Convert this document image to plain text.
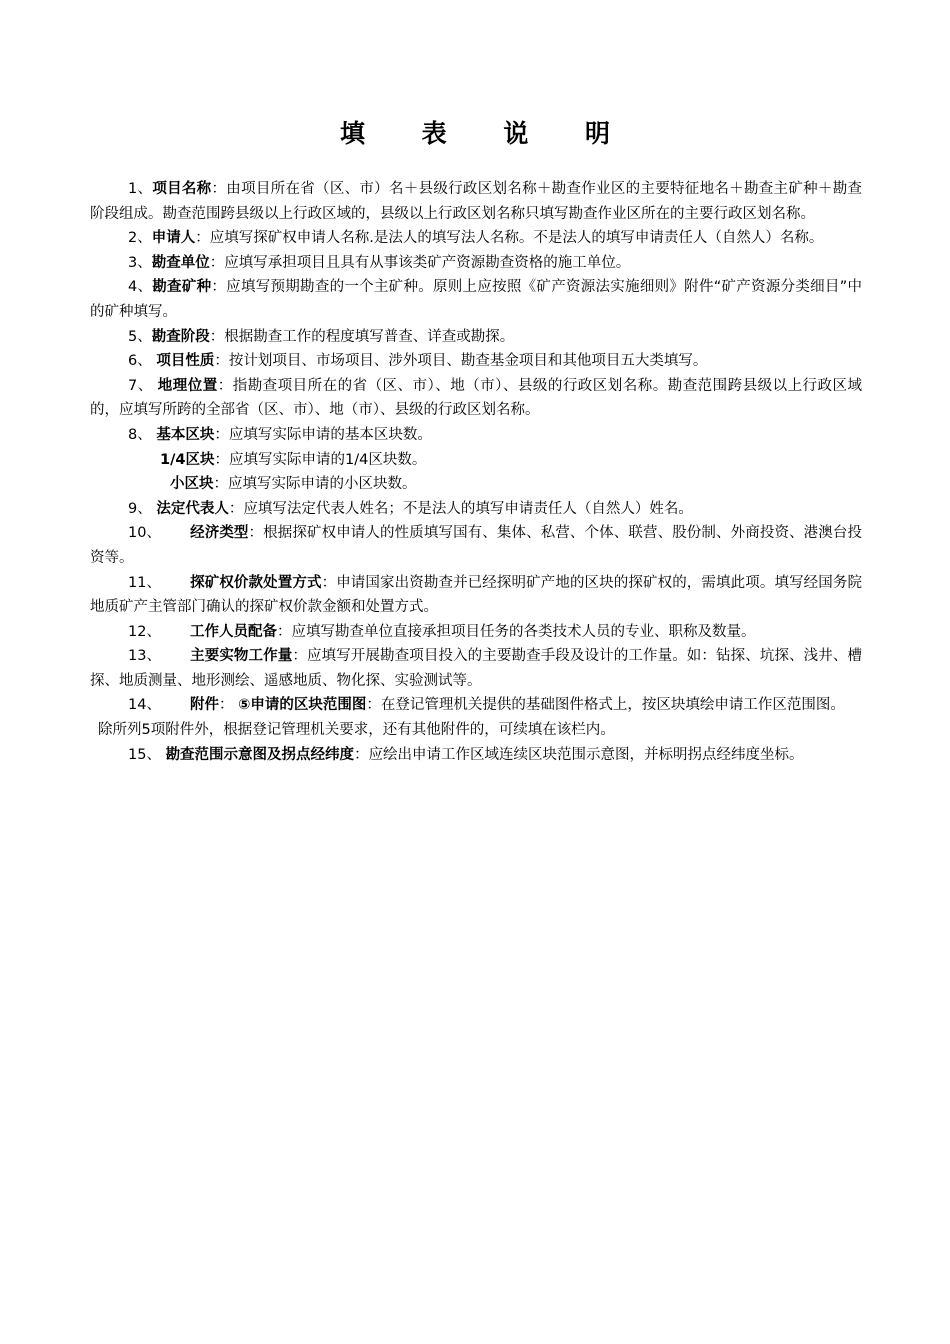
填 表 说 明

1、项目名称：由项目所在省（区、市）名＋县级行政区划名称＋勘查作业区的主要特征地名＋勘查主矿种＋勘查阶段组成。勘查范围跨县级以上行政区域的，县级以上行政区划名称只填写勘查作业区所在的主要行政区划名称。

2、申请人：应填写探矿权申请人名称.是法人的填写法人名称。不是法人的填写申请责任人（自然人）名称。

3、勘查单位：应填写承担项目且具有从事该类矿产资源勘查资格的施工单位。

4、勘查矿种：应填写预期勘查的一个主矿种。原则上应按照《矿产资源法实施细则》附件“矿产资源分类细目”中的矿种填写。

5、勘查阶段：根据勘查工作的程度填写普查、详查或勘探。

6、 项目性质：按计划项目、市场项目、涉外项目、勘查基金项目和其他项目五大类填写。

7、 地理位置：指勘查项目所在的省（区、市）、地（市）、县级的行政区划名称。勘查范围跨县级以上行政区域的，应填写所跨的全部省（区、市）、地（市）、县级的行政区划名称。

8、 基本区块：应填写实际申请的基本区块数。

1/4区块：应填写实际申请的1/4区块数。

小区块：应填写实际申请的小区块数。

9、 法定代表人：应填写法定代表人姓名；不是法人的填写申请责任人（自然人）姓名。

10、 经济类型：根据探矿权申请人的性质填写国有、集体、私营、个体、联营、股份制、外商投资、港澳台投资等。

11、 探矿权价款处置方式：申请国家出资勘查并已经探明矿产地的区块的探矿权的，需填此项。填写经国务院地质矿产主管部门确认的探矿权价款金额和处置方式。

12、 工作人员配备：应填写勘查单位直接承担项目任务的各类技术人员的专业、职称及数量。

13、 主要实物工作量：应填写开展勘查项目投入的主要勘查手段及设计的工作量。如：钻探、坑探、浅井、槽探、地质测量、地形测绘、遥感地质、物化探、实验测试等。

14、 附件： ⑤申请的区块范围图：在登记管理机关提供的基础图件格式上，按区块填绘申请工作区范围图。

除所列5项附件外，根据登记管理机关要求，还有其他附件的，可续填在该栏内。

15、 勘查范围示意图及拐点经纬度：应绘出申请工作区域连续区块范围示意图，并标明拐点经纬度坐标。
